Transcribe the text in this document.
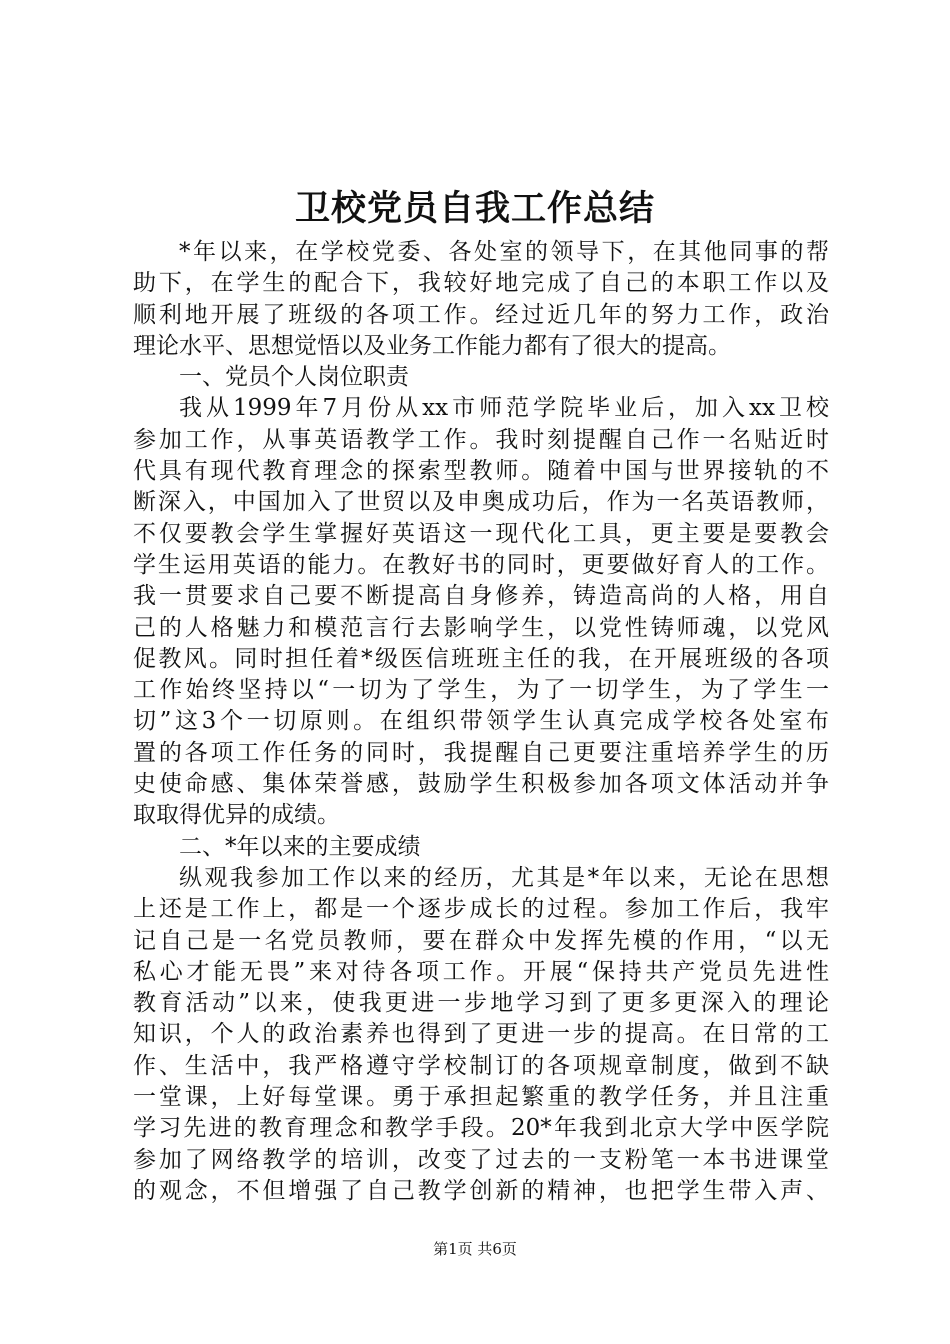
卫校党员自我工作总结
*年以来，在学校党委、各处室的领导下，在其他同事的帮
助下，在学生的配合下，我较好地完成了自己的本职工作以及
顺利地开展了班级的各项工作。经过近几年的努力工作，政治
理论水平、思想觉悟以及业务工作能力都有了很大的提高。
一、党员个人岗位职责
我从1999年7月份从xx市师范学院毕业后，加入xx卫校
参加工作，从事英语教学工作。我时刻提醒自己作一名贴近时
代具有现代教育理念的探索型教师。随着中国与世界接轨的不
断深入，中国加入了世贸以及申奥成功后，作为一名英语教师，
不仅要教会学生掌握好英语这一现代化工具，更主要是要教会
学生运用英语的能力。在教好书的同时，更要做好育人的工作。
我一贯要求自己要不断提高自身修养，铸造高尚的人格，用自
己的人格魅力和模范言行去影响学生，以党性铸师魂，以党风
促教风。同时担任着*级医信班班主任的我，在开展班级的各项
工作始终坚持以“一切为了学生，为了一切学生，为了学生一
切”这3个一切原则。在组织带领学生认真完成学校各处室布
置的各项工作任务的同时，我提醒自己更要注重培养学生的历
史使命感、集体荣誉感，鼓励学生积极参加各项文体活动并争
取取得优异的成绩。
二、*年以来的主要成绩
纵观我参加工作以来的经历，尤其是*年以来，无论在思想
上还是工作上，都是一个逐步成长的过程。参加工作后，我牢
记自己是一名党员教师，要在群众中发挥先模的作用，“以无
私心才能无畏”来对待各项工作。开展“保持共产党员先进性
教育活动”以来，使我更进一步地学习到了更多更深入的理论
知识，个人的政治素养也得到了更进一步的提高。在日常的工
作、生活中，我严格遵守学校制订的各项规章制度，做到不缺
一堂课，上好每堂课。勇于承担起繁重的教学任务，并且注重
学习先进的教育理念和教学手段。20*年我到北京大学中医学院
参加了网络教学的培训，改变了过去的一支粉笔一本书进课堂
的观念，不但增强了自己教学创新的精神，也把学生带入声、
第1页 共6页
